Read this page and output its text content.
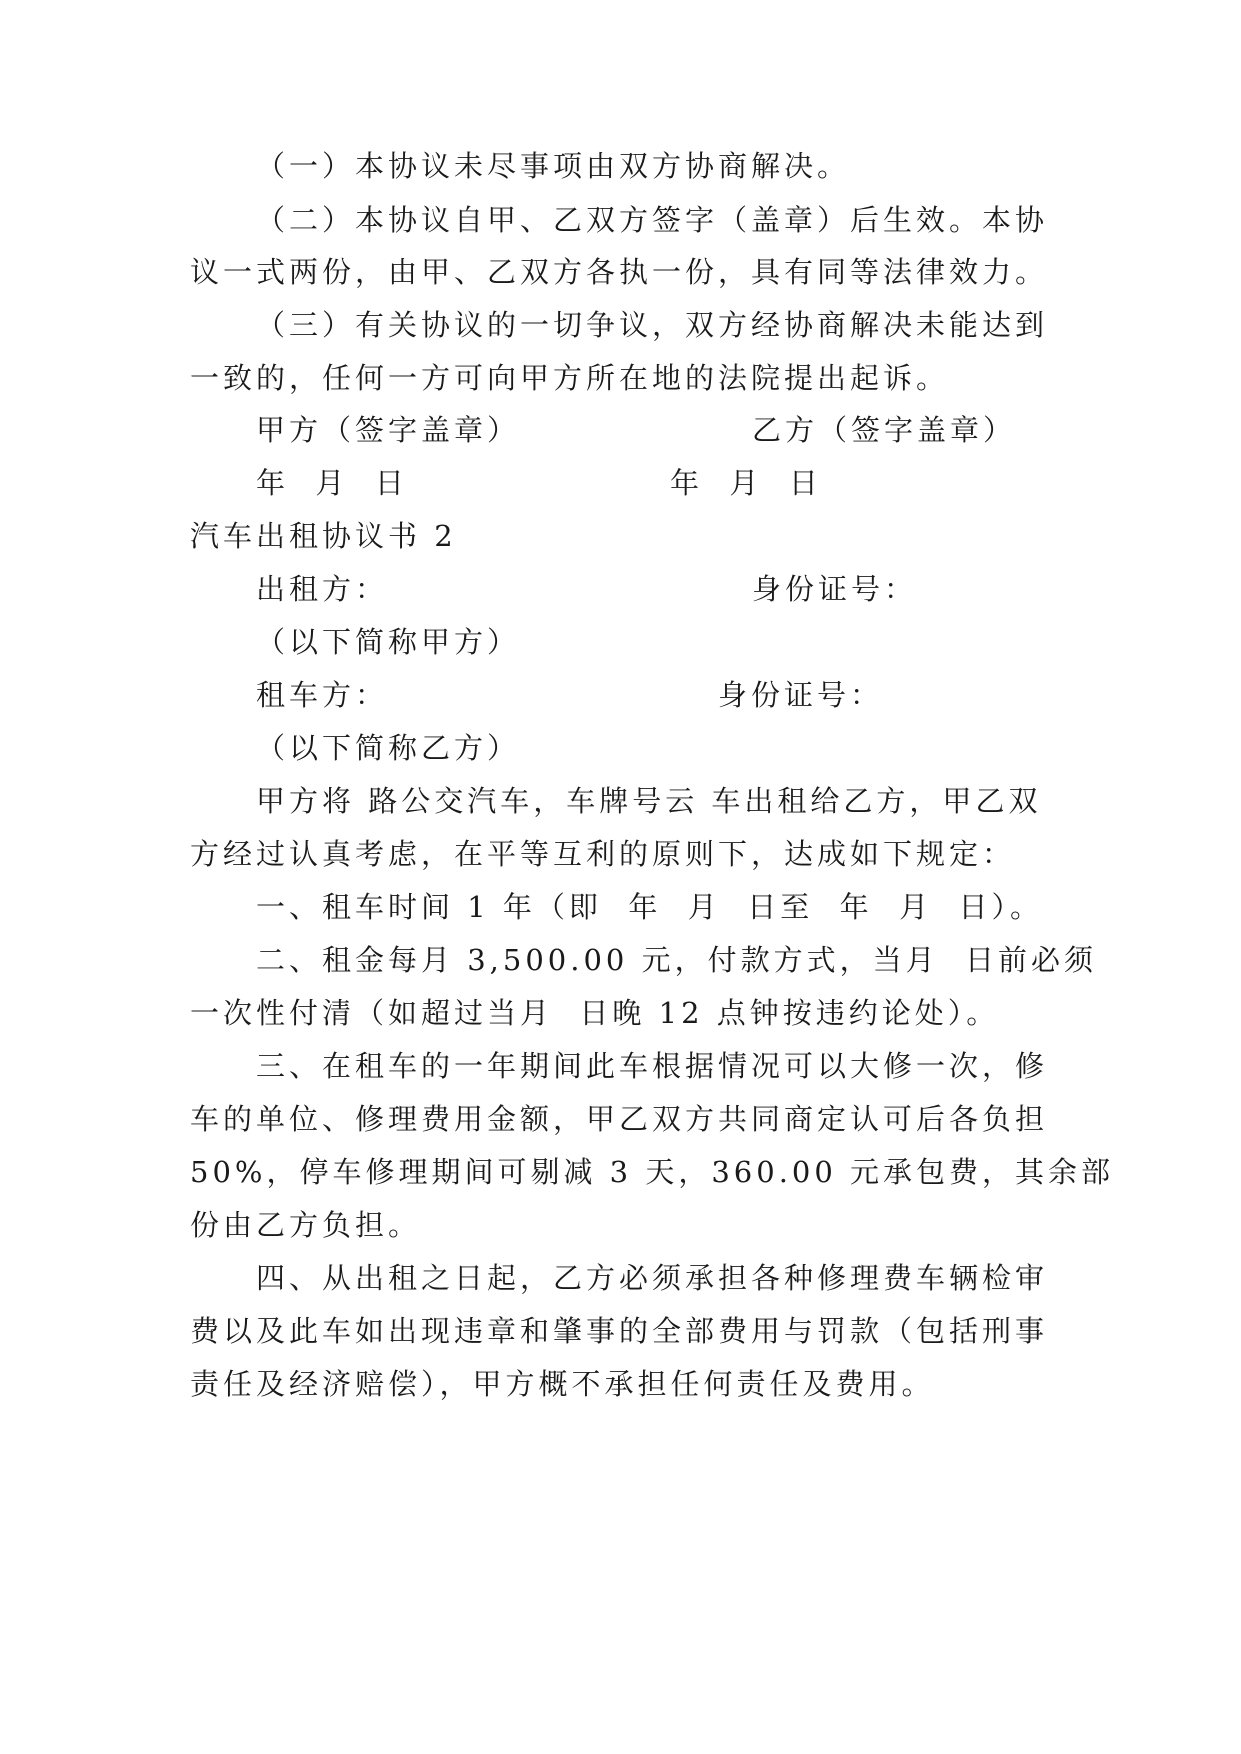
（一）本协议未尽事项由双方协商解决。
（二）本协议自甲、乙双方签字（盖章）后生效。本协
议一式两份，由甲、乙双方各执一份，具有同等法律效力。
（三）有关协议的一切争议，双方经协商解决未能达到
一致的，任何一方可向甲方所在地的法院提出起诉。
甲方（签字盖章）	乙方（签字盖章）
年  月  日	年  月  日
汽车出租协议书 2
出租方：	身份证号：
（以下简称甲方）
租车方：	身份证号：
（以下简称乙方）
甲方将 路公交汽车，车牌号云 车出租给乙方，甲乙双
方经过认真考虑，在平等互利的原则下，达成如下规定：
一、租车时间 1 年（即  年  月  日至  年  月  日）。
二、租金每月 3,500.00 元，付款方式，当月  日前必须
一次性付清（如超过当月  日晚 12 点钟按违约论处）。
三、在租车的一年期间此车根据情况可以大修一次，修
车的单位、修理费用金额，甲乙双方共同商定认可后各负担
50%，停车修理期间可剔减 3 天，360.00 元承包费，其余部
份由乙方负担。
四、从出租之日起，乙方必须承担各种修理费车辆检审
费以及此车如出现违章和肇事的全部费用与罚款（包括刑事
责任及经济赔偿），甲方概不承担任何责任及费用。
